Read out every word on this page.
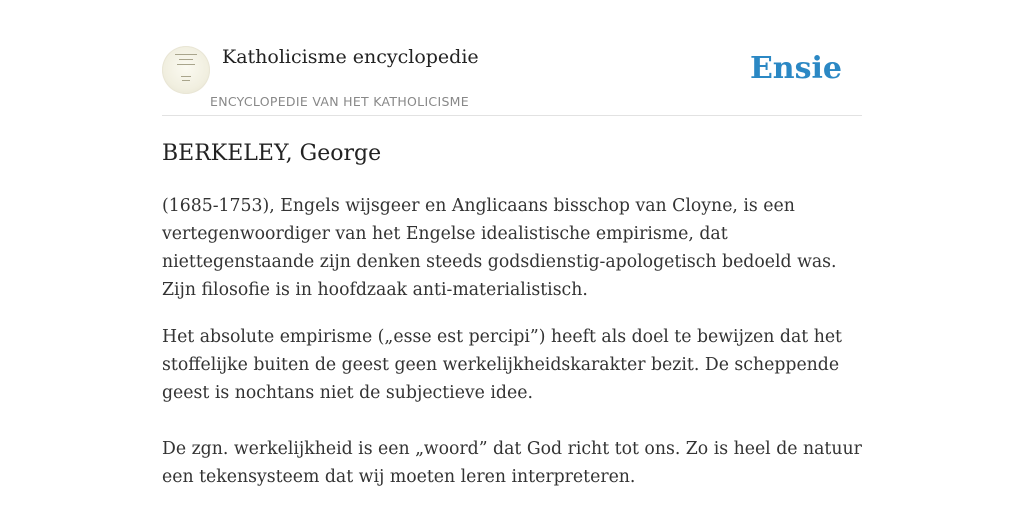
Katholicisme encyclopedie
ENCYCLOPEDIE VAN HET KATHOLICISME
Ensie
BERKELEY, George

(1685-1753), Engels wijsgeer en Anglicaans bisschop van Cloyne, is een vertegenwoordiger van het Engelse idealistische empirisme, dat niettegenstaande zijn denken steeds godsdienstig-apologetisch bedoeld was. Zijn filosofie is in hoofdzaak anti-materialistisch.

Het absolute empirisme („esse est percipi”) heeft als doel te bewijzen dat het stoffelijke buiten de geest geen werkelijkheidskarakter bezit. De scheppende geest is nochtans niet de subjectieve idee.

De zgn. werkelijkheid is een „woord” dat God richt tot ons. Zo is heel de natuur een tekensysteem dat wij moeten leren interpreteren.
